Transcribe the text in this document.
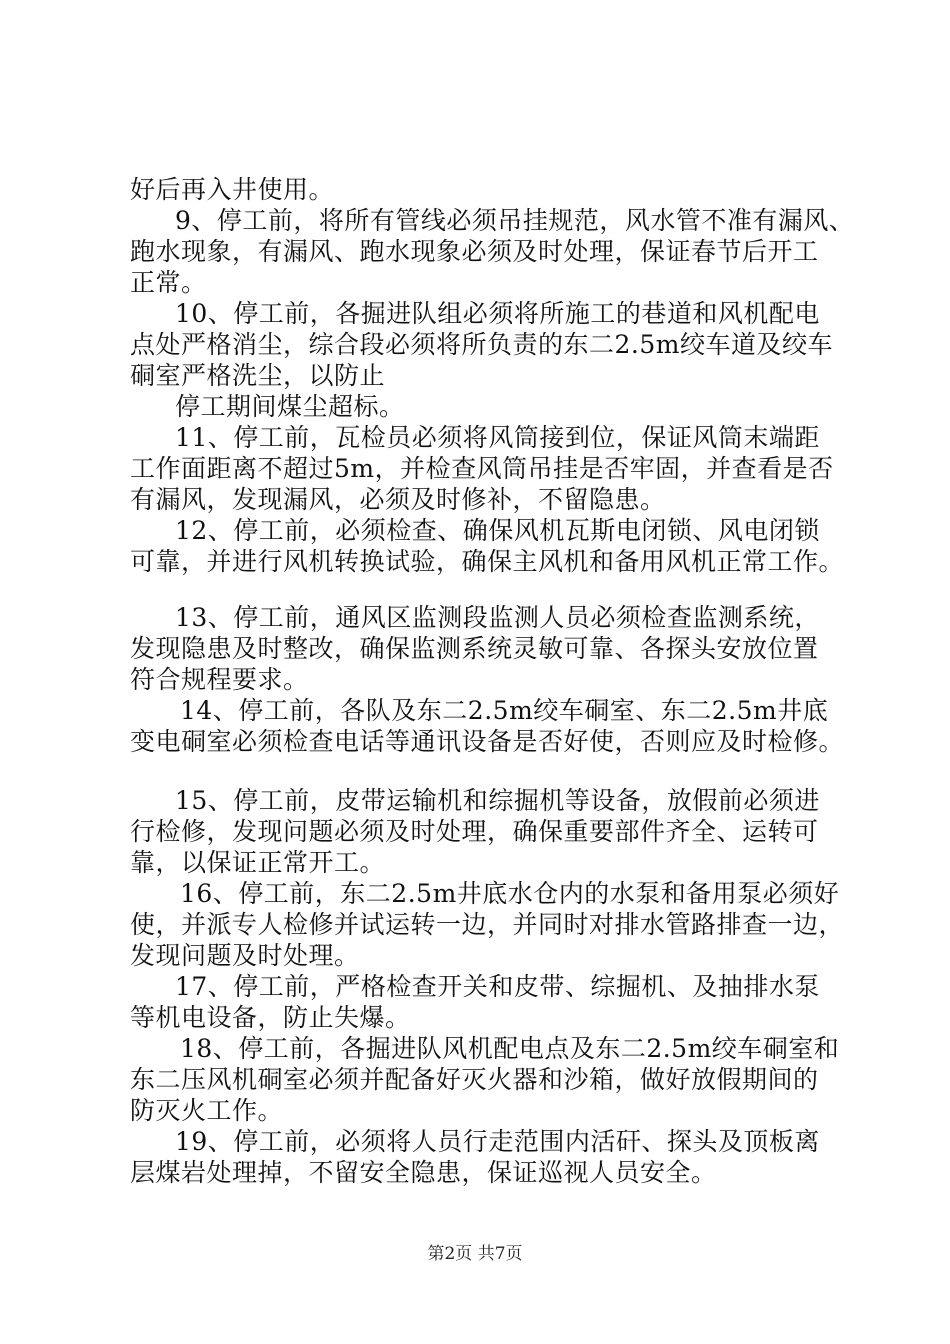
好后再入井使用。
9、停工前，将所有管线必须吊挂规范，风水管不准有漏风、
跑水现象，有漏风、跑水现象必须及时处理，保证春节后开工
正常。
10、停工前，各掘进队组必须将所施工的巷道和风机配电
点处严格消尘，综合段必须将所负责的东二2.5m绞车道及绞车
硐室严格洗尘，以防止
停工期间煤尘超标。
11、停工前，瓦检员必须将风筒接到位，保证风筒末端距
工作面距离不超过5m，并检查风筒吊挂是否牢固，并查看是否
有漏风，发现漏风，必须及时修补，不留隐患。
12、停工前，必须检查、确保风机瓦斯电闭锁、风电闭锁
可靠，并进行风机转换试验，确保主风机和备用风机正常工作。
13、停工前，通风区监测段监测人员必须检查监测系统，
发现隐患及时整改，确保监测系统灵敏可靠、各探头安放位置
符合规程要求。
14、停工前，各队及东二2.5m绞车硐室、东二2.5m井底
变电硐室必须检查电话等通讯设备是否好使，否则应及时检修。
15、停工前，皮带运输机和综掘机等设备，放假前必须进
行检修，发现问题必须及时处理，确保重要部件齐全、运转可
靠，以保证正常开工。
16、停工前，东二2.5m井底水仓内的水泵和备用泵必须好
使，并派专人检修并试运转一边，并同时对排水管路排查一边，
发现问题及时处理。
17、停工前，严格检查开关和皮带、综掘机、及抽排水泵
等机电设备，防止失爆。
18、停工前，各掘进队风机配电点及东二2.5m绞车硐室和
东二压风机硐室必须并配备好灭火器和沙箱，做好放假期间的
防灭火工作。
19、停工前，必须将人员行走范围内活矸、探头及顶板离
层煤岩处理掉，不留安全隐患，保证巡视人员安全。
第2页 共7页
